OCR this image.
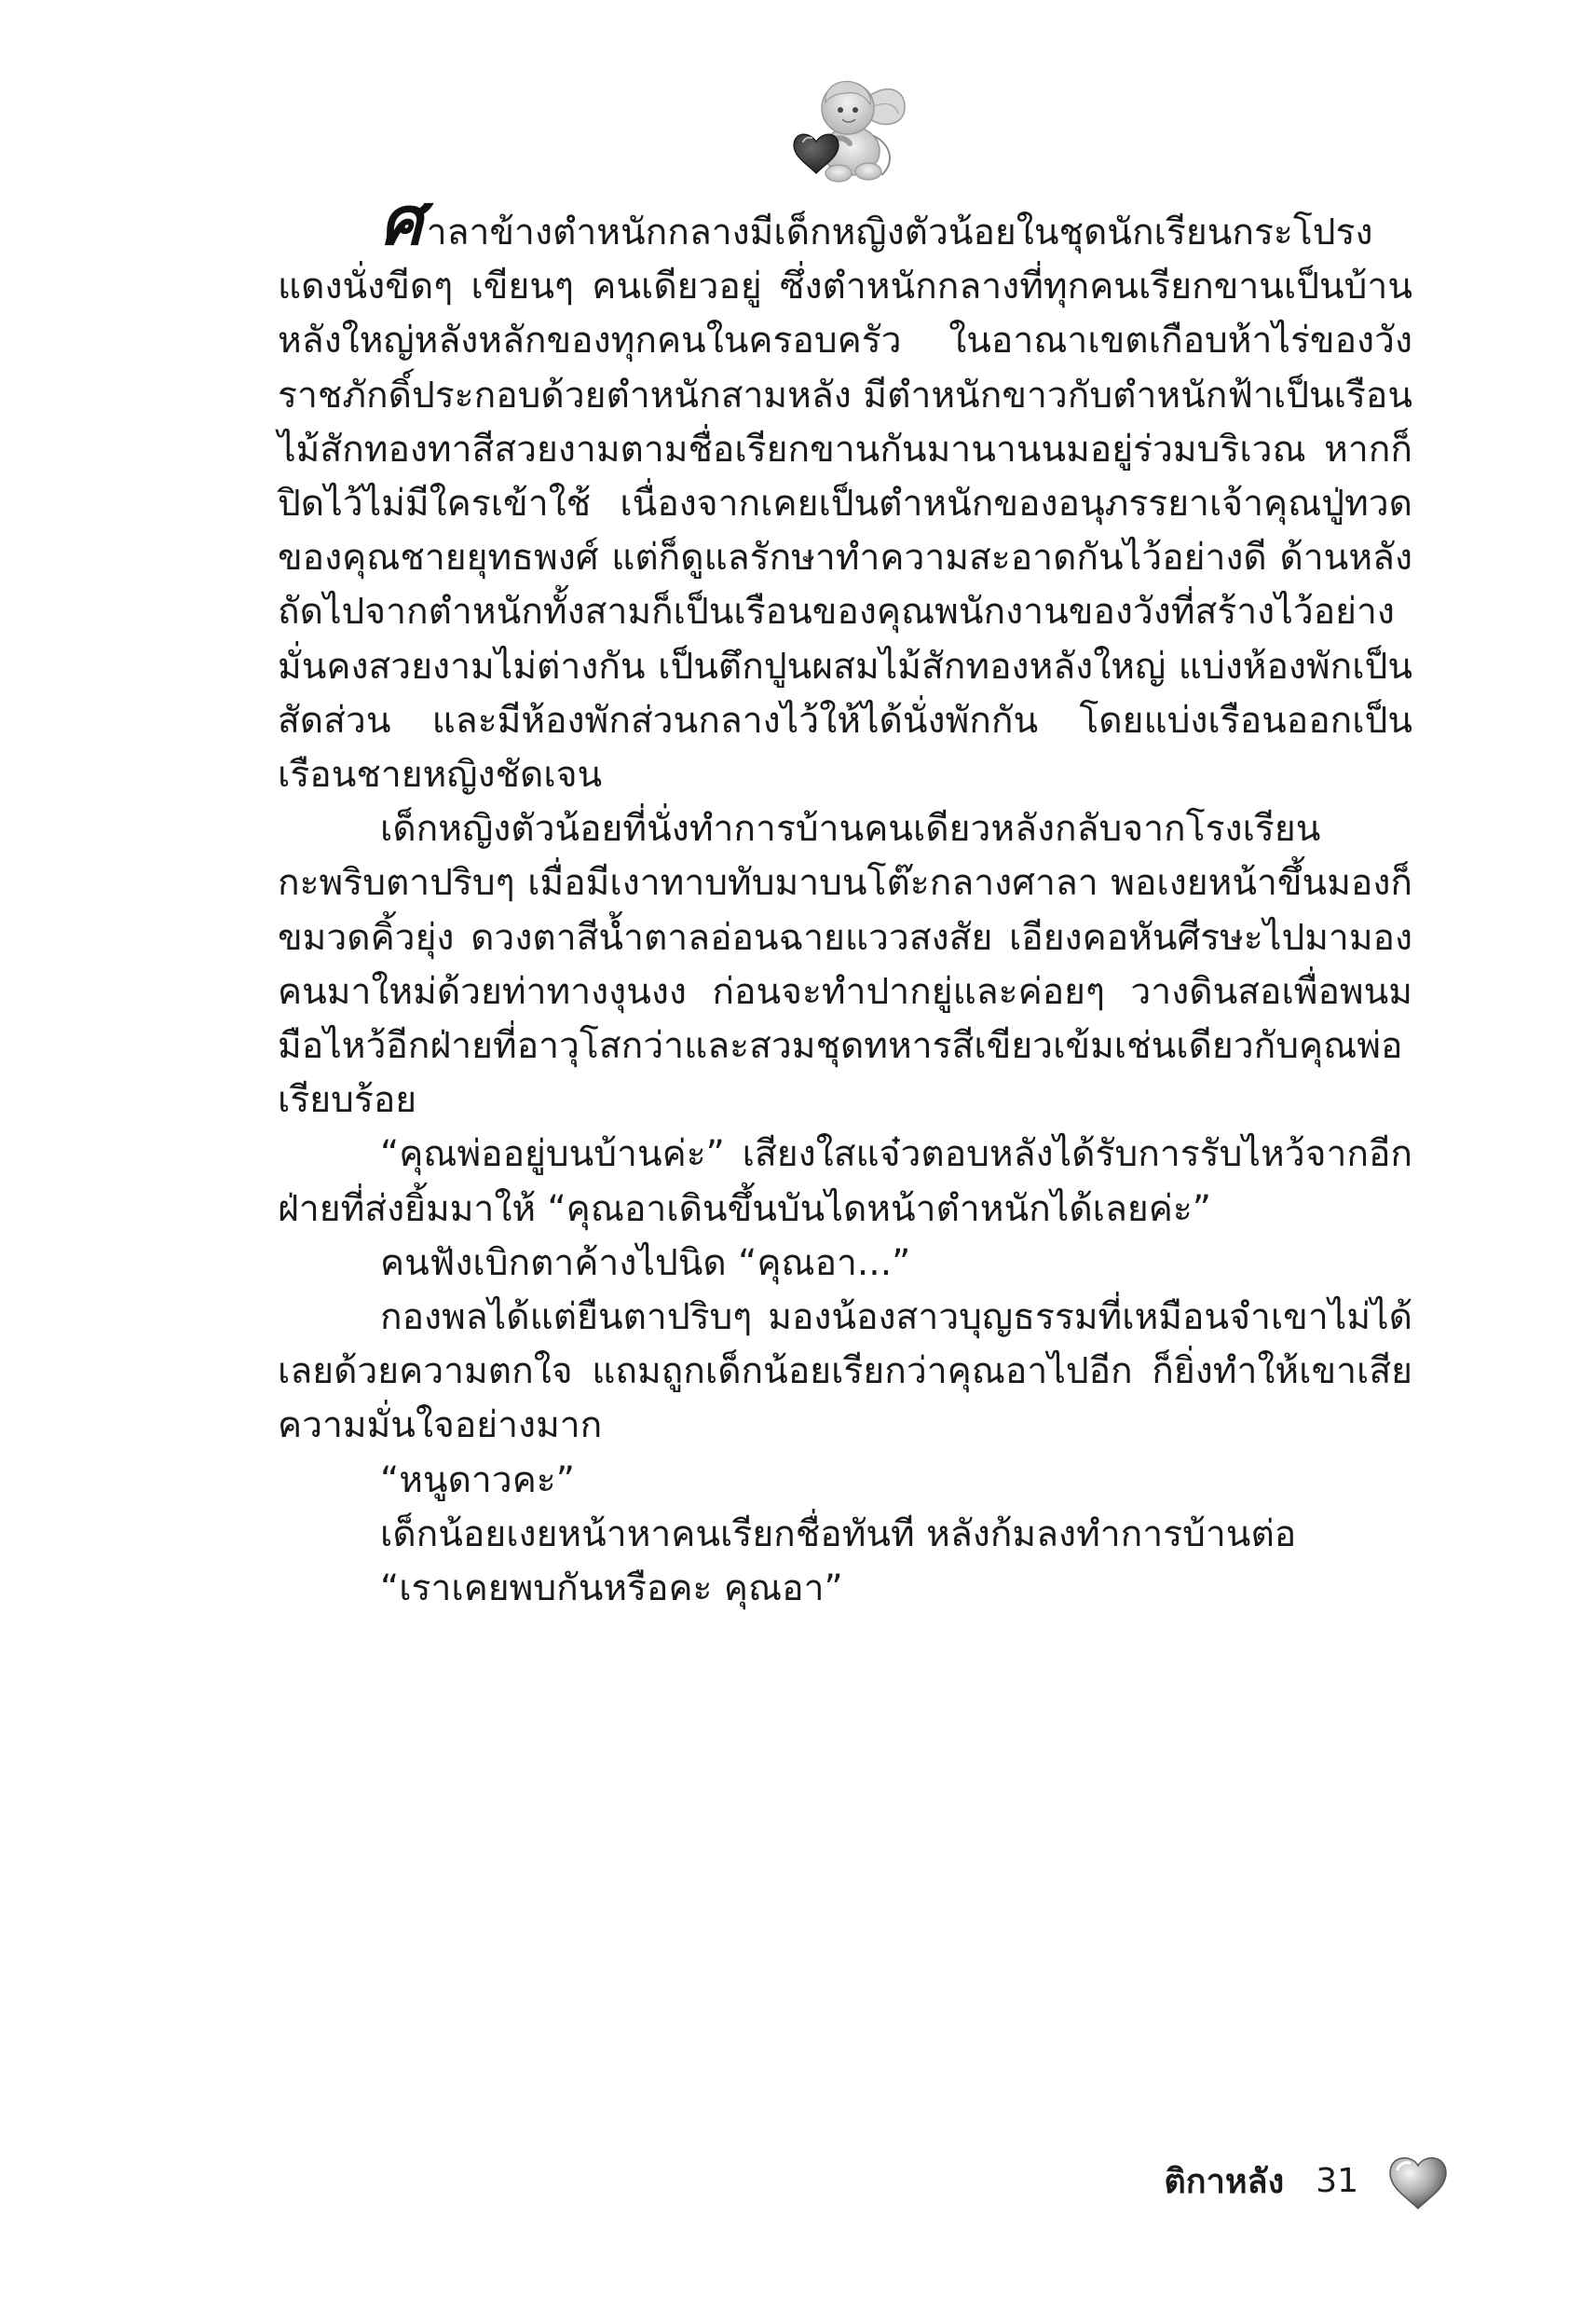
ศาลาข้างตำหนักกลางมีเด็กหญิงตัวน้อยในชุดนักเรียนกระโปรงแดงนั่งขีดๆ เขียนๆ คนเดียวอยู่ ซึ่งตำหนักกลางที่ทุกคนเรียกขานเป็นบ้านหลังใหญ่หลังหลักของทุกคนในครอบครัว ในอาณาเขตเกือบห้าไร่ของวังราชภักดิ์ประกอบด้วยตำหนักสามหลัง มีตำหนักขาวกับตำหนักฟ้าเป็นเรือนไม้สักทองทาสีสวยงามตามชื่อเรียกขานกันมานานนมอยู่ร่วมบริเวณ หากก็ปิดไว้ไม่มีใครเข้าใช้ เนื่องจากเคยเป็นตำหนักของอนุภรรยาเจ้าคุณปู่ทวดของคุณชายยุทธพงศ์ แต่ก็ดูแลรักษาทำความสะอาดกันไว้อย่างดี ด้านหลังถัดไปจากตำหนักทั้งสามก็เป็นเรือนของคุณพนักงานของวังที่สร้างไว้อย่างมั่นคงสวยงามไม่ต่างกัน เป็นตึกปูนผสมไม้สักทองหลังใหญ่ แบ่งห้องพักเป็นสัดส่วน และมีห้องพักส่วนกลางไว้ให้ได้นั่งพักกัน โดยแบ่งเรือนออกเป็นเรือนชายหญิงชัดเจน

เด็กหญิงตัวน้อยที่นั่งทำการบ้านคนเดียวหลังกลับจากโรงเรียนกะพริบตาปริบๆ เมื่อมีเงาทาบทับมาบนโต๊ะกลางศาลา พอเงยหน้าขึ้นมองก็ขมวดคิ้วยุ่ง ดวงตาสีน้ำตาลอ่อนฉายแววสงสัย เอียงคอหันศีรษะไปมามองคนมาใหม่ด้วยท่าทางงุนงง ก่อนจะทำปากยู่และค่อยๆ วางดินสอเพื่อพนมมือไหว้อีกฝ่ายที่อาวุโสกว่าและสวมชุดทหารสีเขียวเข้มเช่นเดียวกับคุณพ่อเรียบร้อย

“คุณพ่ออยู่บนบ้านค่ะ” เสียงใสแจ๋วตอบหลังได้รับการรับไหว้จากอีกฝ่ายที่ส่งยิ้มมาให้ “คุณอาเดินขึ้นบันไดหน้าตำหนักได้เลยค่ะ”

คนฟังเบิกตาค้างไปนิด “คุณอา...”

กองพลได้แต่ยืนตาปริบๆ มองน้องสาวบุญธรรมที่เหมือนจำเขาไม่ได้เลยด้วยความตกใจ แถมถูกเด็กน้อยเรียกว่าคุณอาไปอีก ก็ยิ่งทำให้เขาเสียความมั่นใจอย่างมาก

“หนูดาวคะ”

เด็กน้อยเงยหน้าหาคนเรียกชื่อทันที หลังก้มลงทำการบ้านต่อ

“เราเคยพบกันหรือคะ คุณอา”

ติกาหลัง 31
